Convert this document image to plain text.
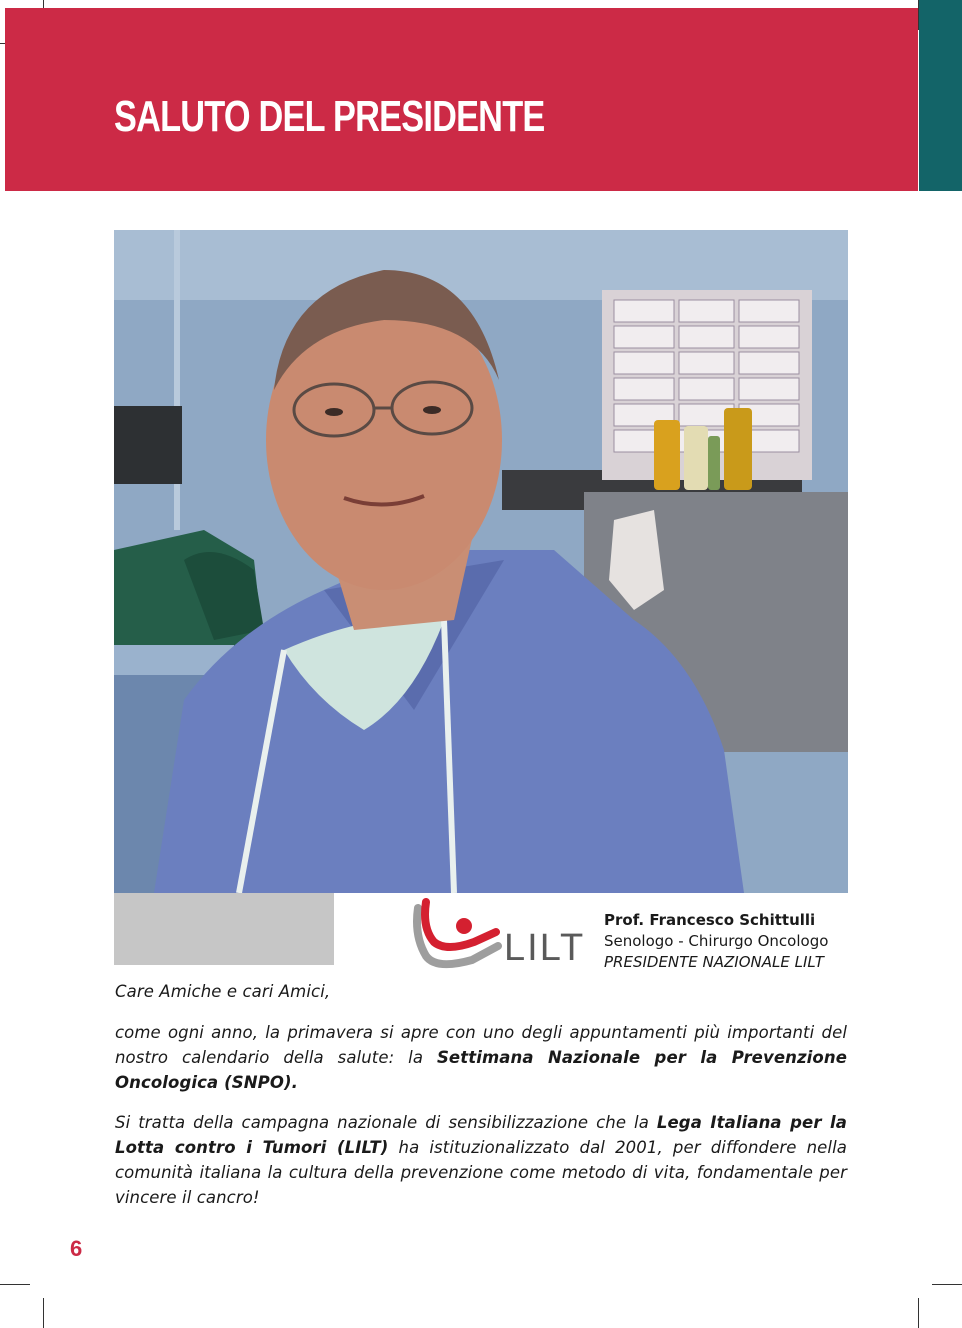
SALUTO DEL PRESIDENTE
LILT
Prof. Francesco Schittulli
Senologo - Chirurgo Oncologo
PRESIDENTE NAZIONALE LILT
Care Amiche e cari Amici,
come ogni anno, la primavera si apre con uno degli appuntamenti più importanti del nostro calendario della salute: la Settimana Nazionale per la Prevenzione Oncologica (SNPO).
Si tratta della campagna nazionale di sensibilizzazione che la Lega Italiana per la Lotta contro i Tumori (LILT) ha istituzionalizzato dal 2001, per diffondere nella comunità italiana la cultura della prevenzione come metodo di vita, fondamentale per vincere il cancro!
6
